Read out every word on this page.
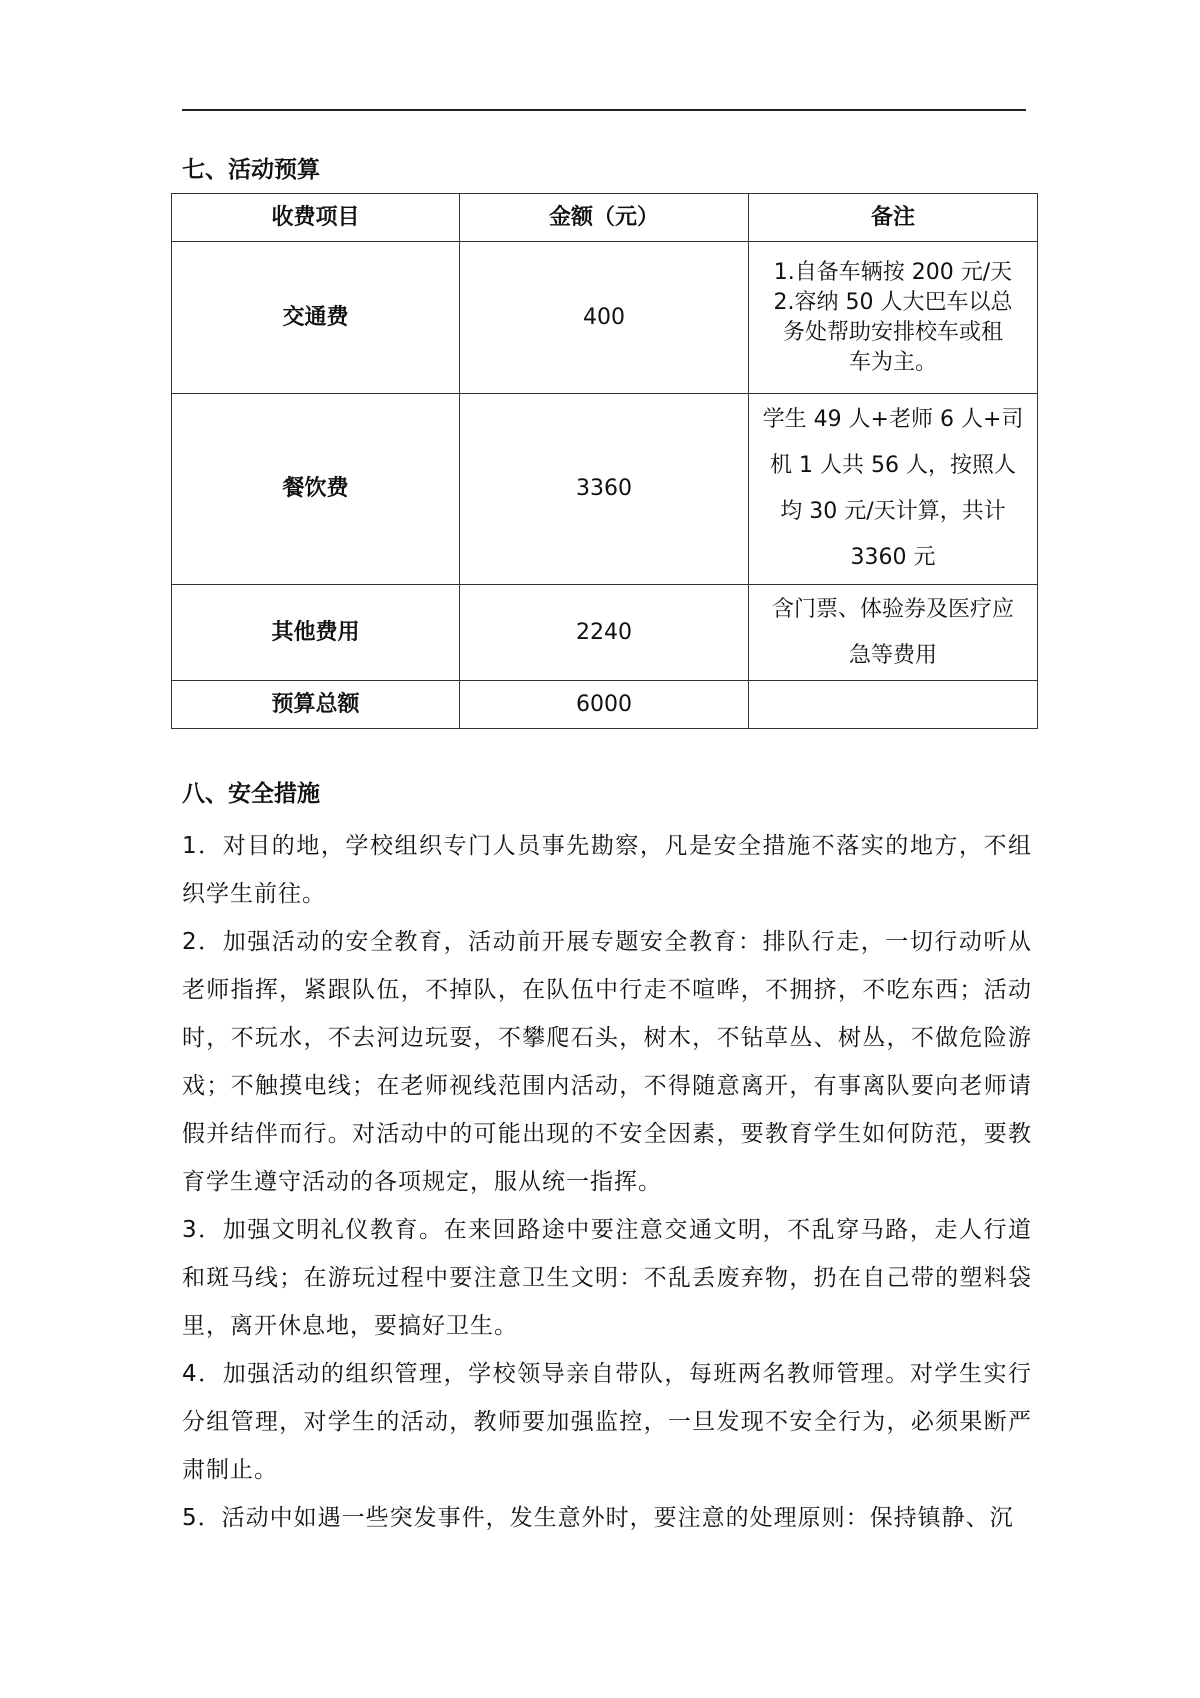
七、活动预算
收费项目	金额（元）	备注
交通费	400	1.自备车辆按 200 元/天
2.容纳 50 人大巴车以总
务处帮助安排校车或租
车为主。

餐饮费	3360	学生 49 人+老师 6 人+司
机 1 人共 56 人，按照人
均 30 元/天计算，共计
3360 元

其他费用	2240	含门票、体验券及医疗应
急等费用

预算总额	6000	
八、安全措施

1．对目的地，学校组织专门人员事先勘察，凡是安全措施不落实的地方，不组织学生前往。

2．加强活动的安全教育，活动前开展专题安全教育：排队行走，一切行动听从老师指挥，紧跟队伍，不掉队，在队伍中行走不喧哗，不拥挤，不吃东西；活动时，不玩水，不去河边玩耍，不攀爬石头，树木，不钻草丛、树丛，不做危险游戏；不触摸电线；在老师视线范围内活动，不得随意离开，有事离队要向老师请假并结伴而行。对活动中的可能出现的不安全因素，要教育学生如何防范，要教育学生遵守活动的各项规定，服从统一指挥。

3．加强文明礼仪教育。在来回路途中要注意交通文明，不乱穿马路，走人行道和斑马线；在游玩过程中要注意卫生文明：不乱丢废弃物，扔在自己带的塑料袋里，离开休息地，要搞好卫生。

4．加强活动的组织管理，学校领导亲自带队，每班两名教师管理。对学生实行分组管理，对学生的活动，教师要加强监控，一旦发现不安全行为，必须果断严肃制止。

5．活动中如遇一些突发事件，发生意外时，要注意的处理原则：保持镇静、沉
